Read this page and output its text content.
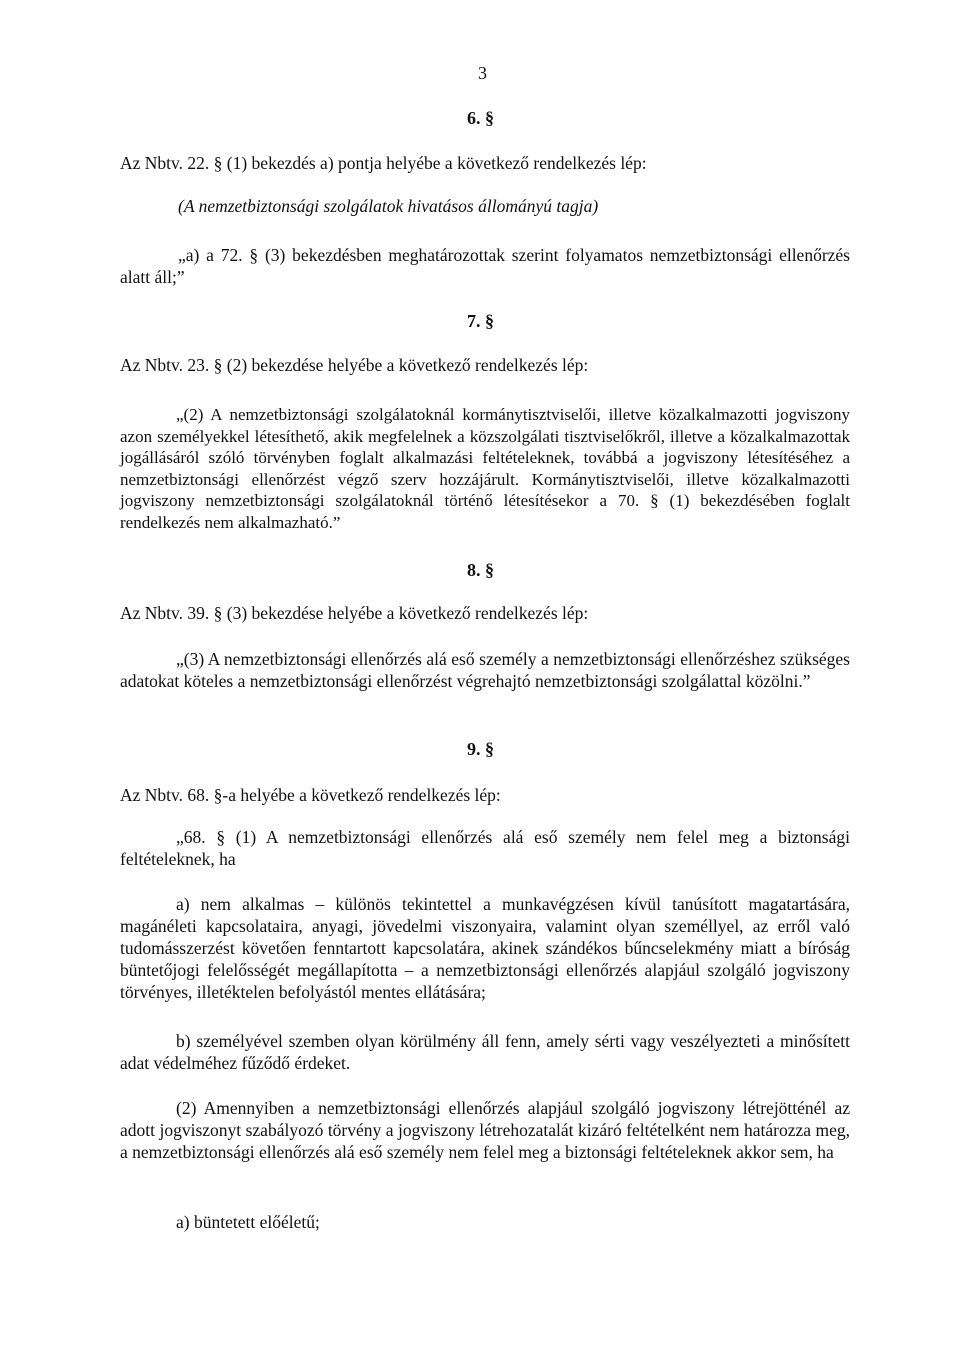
3
6. §
Az Nbtv. 22. § (1) bekezdés a) pontja helyébe a következő rendelkezés lép:
(A nemzetbiztonsági szolgálatok hivatásos állományú tagja)
„a) a 72. § (3) bekezdésben meghatározottak szerint folyamatos nemzetbiztonsági ellenőrzés alatt áll;”
7. §
Az Nbtv. 23. § (2) bekezdése helyébe a következő rendelkezés lép:
„(2) A nemzetbiztonsági szolgálatoknál kormánytisztviselői, illetve közalkalmazotti jogviszony azon személyekkel létesíthető, akik megfelelnek a közszolgálati tisztviselőkről, illetve a közalkalmazottak jogállásáról szóló törvényben foglalt alkalmazási feltételeknek, továbbá a jogviszony létesítéséhez a nemzetbiztonsági ellenőrzést végző szerv hozzájárult. Kormánytisztviselői, illetve közalkalmazotti jogviszony nemzetbiztonsági szolgálatoknál történő létesítésekor a 70. § (1) bekezdésében foglalt rendelkezés nem alkalmazható.”
8. §
Az Nbtv. 39. § (3) bekezdése helyébe a következő rendelkezés lép:
„(3) A nemzetbiztonsági ellenőrzés alá eső személy a nemzetbiztonsági ellenőrzéshez szükséges adatokat köteles a nemzetbiztonsági ellenőrzést végrehajtó nemzetbiztonsági szolgálattal közölni.”
9. §
Az Nbtv. 68. §-a helyébe a következő rendelkezés lép:
„68. § (1) A nemzetbiztonsági ellenőrzés alá eső személy nem felel meg a biztonsági feltételeknek, ha
a) nem alkalmas – különös tekintettel a munkavégzésen kívül tanúsított magatartására, magánéleti kapcsolataira, anyagi, jövedelmi viszonyaira, valamint olyan személlyel, az erről való tudomásszerzést követően fenntartott kapcsolatára, akinek szándékos bűncselekmény miatt a bíróság büntetőjogi felelősségét megállapította – a nemzetbiztonsági ellenőrzés alapjául szolgáló jogviszony törvényes, illetéktelen befolyástól mentes ellátására;
b) személyével szemben olyan körülmény áll fenn, amely sérti vagy veszélyezteti a minősített adat védelméhez fűződő érdeket.
(2) Amennyiben a nemzetbiztonsági ellenőrzés alapjául szolgáló jogviszony létrejötténél az adott jogviszonyt szabályozó törvény a jogviszony létrehozatalát kizáró feltételként nem határozza meg, a nemzetbiztonsági ellenőrzés alá eső személy nem felel meg a biztonsági feltételeknek akkor sem, ha
a) büntetett előéletű;
